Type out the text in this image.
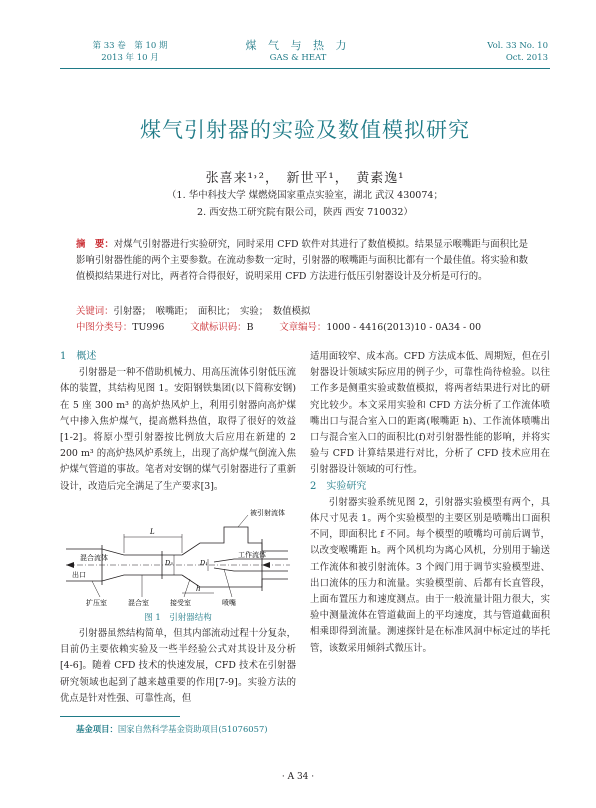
第 33 卷　第 10 期
2013 年 10 月
煤 气 与 热 力
GAS & HEAT
Vol. 33 No. 10
Oct. 2013
煤气引射器的实验及数值模拟研究
张喜来¹˒²，　新世平¹，　黄素逸¹
（1. 华中科技大学 煤燃烧国家重点实验室，湖北 武汉 430074；
2. 西安热工研究院有限公司，陕西 西安 710032）
摘　要：对煤气引射器进行实验研究，同时采用 CFD 软件对其进行了数值模拟。结果显示喉嘴距与面积比是影响引射器性能的两个主要参数。在流动参数一定时，引射器的喉嘴距与面积比都有一个最佳值。将实验和数值模拟结果进行对比，两者符合得很好，说明采用 CFD 方法进行低压引射器设计及分析是可行的。
关键词：引射器；　喉嘴距；　面积比；　实验；　数值模拟
中图分类号：TU996	文献标识码：B	文章编号：1000 - 4416(2013)10 - 0A34 - 00
1　概述
引射器是一种不借助机械力、用高压流体引射低压流体的装置，其结构见图 1。安阳钢铁集团(以下简称安钢)在 5 座 300 m³ 的高炉热风炉上，利用引射器向高炉煤气中掺入焦炉煤气，提高燃料热值，取得了很好的效益[1-2]。将原小型引射器按比例放大后应用在新建的 2 200 m³ 的高炉热风炉系统上，出现了高炉煤气倒流入焦炉煤气管道的事故。笔者对安钢的煤气引射器进行了重新设计，改造后完全满足了生产要求[3]。
混合流体
出口
工作流体
被引射流体
L
D₃	D₁
h
扩压室	混合室	接受室	喷嘴
图 1　引射器结构
引射器虽然结构简单，但其内部流动过程十分复杂，目前仍主要依赖实验及一些半经验公式对其设计及分析[4-6]。随着 CFD 技术的快速发展，CFD 技术在引射器研究领域也起到了越来越重要的作用[7-9]。实验方法的优点是针对性强、可靠性高，但
适用面较窄、成本高。CFD 方法成本低、周期短，但在引射器设计领域实际应用的例子少，可靠性尚待检验。以往工作多是侧重实验或数值模拟，将两者结果进行对比的研究比较少。本文采用实验和 CFD 方法分析了工作流体喷嘴出口与混合室入口的距离(喉嘴距 h)、工作流体喷嘴出口与混合室入口的面积比(f)对引射器性能的影响，并将实验与 CFD 计算结果进行对比，分析了 CFD 技术应用在引射器设计领域的可行性。
2　实验研究
引射器实验系统见图 2，引射器实验模型有两个，具体尺寸见表 1。两个实验模型的主要区别是喷嘴出口面积不同，即面积比 f 不同。每个模型的喷嘴均可前后调节，以改变喉嘴距 h。两个风机均为离心风机，分别用于输送工作流体和被引射流体。3 个阀门用于调节实验模型进、出口流体的压力和流量。实验模型前、后都有长直管段，上面布置压力和速度测点。由于一般流量计阻力很大，实验中测量流体在管道截面上的平均速度，其与管道截面积相乘即得到流量。测速探针是在标准风洞中标定过的毕托管，该数采用倾斜式微压计。
基金项目：国家自然科学基金资助项目(51076057)
· A 34 ·
